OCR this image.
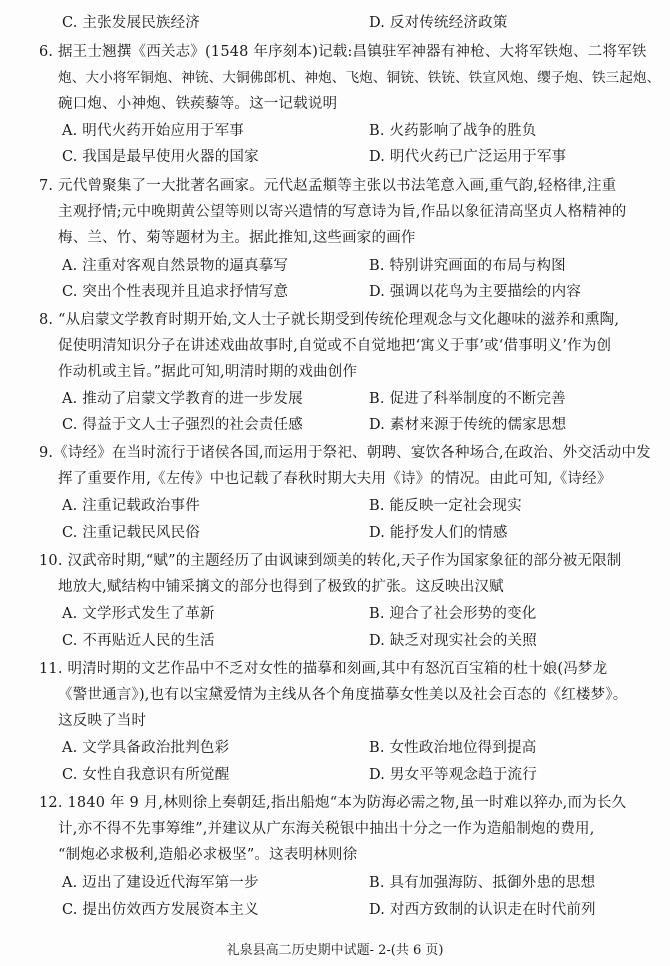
C. 主张发展民族经济	D. 反对传统经济政策
6. 据王士翘撰《西关志》(1548 年序刻本)记载:昌镇驻军神器有神枪、大将军铁炮、二将军铁
炮、大小将军铜炮、神铳、大铜佛郎机、神炮、飞炮、铜铳、铁铳、铁宣风炮、缨子炮、铁三起炮、
碗口炮、小神炮、铁蒺藜等。这一记载说明
A. 明代火药开始应用于军事	B. 火药影响了战争的胜负
C. 我国是最早使用火器的国家	D. 明代火药已广泛运用于军事
7. 元代曾聚集了一大批著名画家。元代赵孟頫等主张以书法笔意入画,重气韵,轻格律,注重
主观抒情;元中晚期黄公望等则以寄兴遣情的写意诗为旨,作品以象征清高坚贞人格精神的
梅、兰、竹、菊等题材为主。据此推知,这些画家的画作
A. 注重对客观自然景物的逼真摹写	B. 特别讲究画面的布局与构图
C. 突出个性表现并且追求抒情写意	D. 强调以花鸟为主要描绘的内容
8. “从启蒙文学教育时期开始,文人士子就长期受到传统伦理观念与文化趣味的滋养和熏陶,
促使明清知识分子在讲述戏曲故事时,自觉或不自觉地把‘寓义于事’或‘借事明义’作为创
作动机或主旨。”据此可知,明清时期的戏曲创作
A. 推动了启蒙文学教育的进一步发展	B. 促进了科举制度的不断完善
C. 得益于文人士子强烈的社会责任感	D. 素材来源于传统的儒家思想
9.《诗经》在当时流行于诸侯各国,而运用于祭祀、朝聘、宴饮各种场合,在政治、外交活动中发
挥了重要作用,《左传》中也记载了春秋时期大夫用《诗》的情况。由此可知,《诗经》
A. 注重记载政治事件	B. 能反映一定社会现实
C. 注重记载民风民俗	D. 能抒发人们的情感
10. 汉武帝时期,“赋”的主题经历了由讽谏到颂美的转化,天子作为国家象征的部分被无限制
地放大,赋结构中铺采摛文的部分也得到了极致的扩张。这反映出汉赋
A. 文学形式发生了革新	B. 迎合了社会形势的变化
C. 不再贴近人民的生活	D. 缺乏对现实社会的关照
11. 明清时期的文艺作品中不乏对女性的描摹和刻画,其中有怒沉百宝箱的杜十娘(冯梦龙
《警世通言》),也有以宝黛爱情为主线从各个角度描摹女性美以及社会百态的《红楼梦》。
这反映了当时
A. 文学具备政治批判色彩	B. 女性政治地位得到提高
C. 女性自我意识有所觉醒	D. 男女平等观念趋于流行
12. 1840 年 9 月,林则徐上奏朝廷,指出船炮“本为防海必需之物,虽一时难以猝办,而为长久
计,亦不得不先事筹维”,并建议从广东海关税银中抽出十分之一作为造船制炮的费用,
“制炮必求极利,造船必求极坚”。这表明林则徐
A. 迈出了建设近代海军第一步	B. 具有加强海防、抵御外患的思想
C. 提出仿效西方发展资本主义	D. 对西方致制的认识走在时代前列
礼泉县高二历史期中试题- 2-(共 6 页)
